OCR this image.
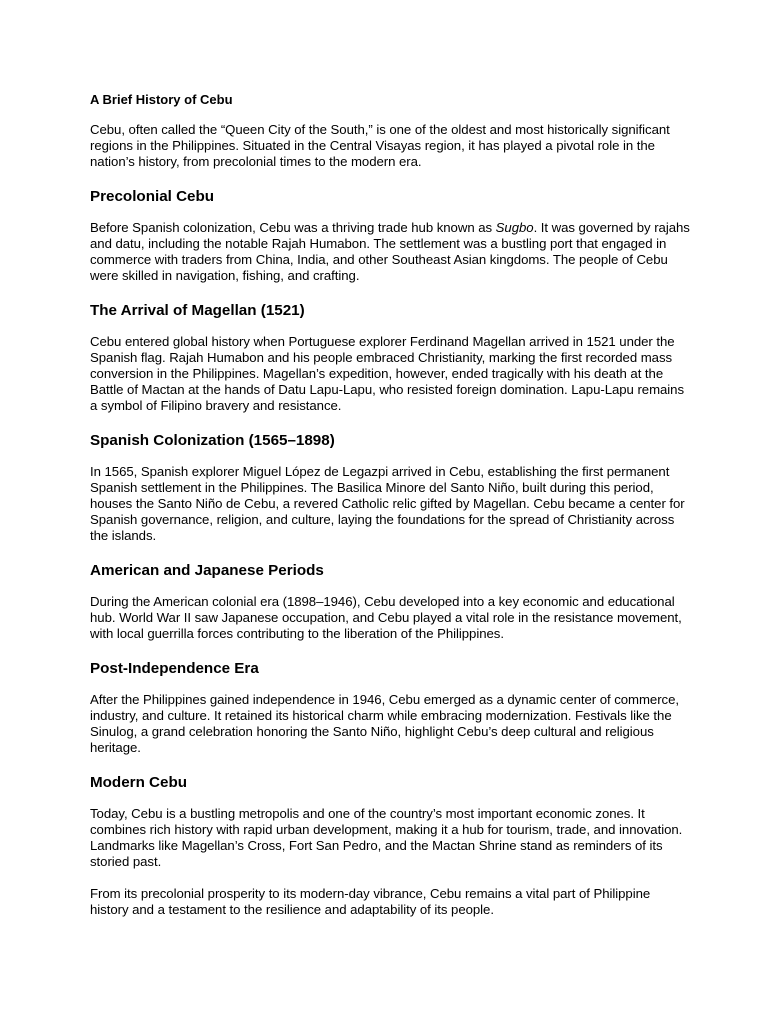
A Brief History of Cebu

Cebu, often called the “Queen City of the South,” is one of the oldest and most historically significant regions in the Philippines. Situated in the Central Visayas region, it has played a pivotal role in the nation’s history, from precolonial times to the modern era.

Precolonial Cebu

Before Spanish colonization, Cebu was a thriving trade hub known as Sugbo. It was governed by rajahs and datu, including the notable Rajah Humabon. The settlement was a bustling port that engaged in commerce with traders from China, India, and other Southeast Asian kingdoms. The people of Cebu were skilled in navigation, fishing, and crafting.

The Arrival of Magellan (1521)

Cebu entered global history when Portuguese explorer Ferdinand Magellan arrived in 1521 under the Spanish flag. Rajah Humabon and his people embraced Christianity, marking the first recorded mass conversion in the Philippines. Magellan’s expedition, however, ended tragically with his death at the Battle of Mactan at the hands of Datu Lapu-Lapu, who resisted foreign domination. Lapu-Lapu remains a symbol of Filipino bravery and resistance.

Spanish Colonization (1565–1898)

In 1565, Spanish explorer Miguel López de Legazpi arrived in Cebu, establishing the first permanent Spanish settlement in the Philippines. The Basilica Minore del Santo Niño, built during this period, houses the Santo Niño de Cebu, a revered Catholic relic gifted by Magellan. Cebu became a center for Spanish governance, religion, and culture, laying the foundations for the spread of Christianity across the islands.

American and Japanese Periods

During the American colonial era (1898–1946), Cebu developed into a key economic and educational hub. World War II saw Japanese occupation, and Cebu played a vital role in the resistance movement, with local guerrilla forces contributing to the liberation of the Philippines.

Post-Independence Era

After the Philippines gained independence in 1946, Cebu emerged as a dynamic center of commerce, industry, and culture. It retained its historical charm while embracing modernization. Festivals like the Sinulog, a grand celebration honoring the Santo Niño, highlight Cebu’s deep cultural and religious heritage.

Modern Cebu

Today, Cebu is a bustling metropolis and one of the country’s most important economic zones. It combines rich history with rapid urban development, making it a hub for tourism, trade, and innovation. Landmarks like Magellan’s Cross, Fort San Pedro, and the Mactan Shrine stand as reminders of its storied past.

From its precolonial prosperity to its modern-day vibrance, Cebu remains a vital part of Philippine history and a testament to the resilience and adaptability of its people.
